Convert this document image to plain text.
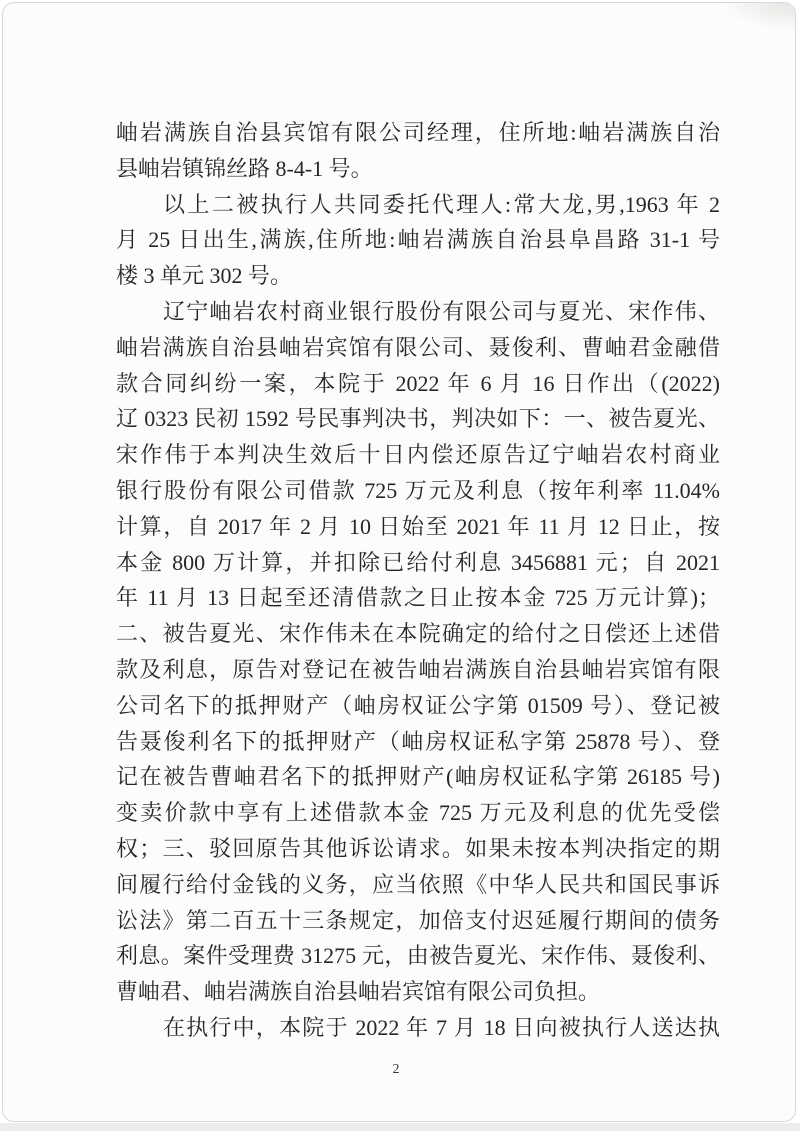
岫岩满族自治县宾馆有限公司经理，住所地:岫岩满族自治
县岫岩镇锦丝路 8-4-1 号。
以上二被执行人共同委托代理人:常大龙,男,1963 年 2
月 25 日出生,满族,住所地:岫岩满族自治县阜昌路 31-1 号
楼 3 单元 302 号。
辽宁岫岩农村商业银行股份有限公司与夏光、宋作伟、
岫岩满族自治县岫岩宾馆有限公司、聂俊利、曹岫君金融借
款合同纠纷一案，本院于 2022 年 6 月 16 日作出（(2022)
辽 0323 民初 1592 号民事判决书，判决如下：一、被告夏光、
宋作伟于本判决生效后十日内偿还原告辽宁岫岩农村商业
银行股份有限公司借款 725 万元及利息（按年利率 11.04%
计算，自 2017 年 2 月 10 日始至 2021 年 11 月 12 日止，按
本金 800 万计算，并扣除已给付利息 3456881 元；自 2021
年 11 月 13 日起至还清借款之日止按本金 725 万元计算)；
二、被告夏光、宋作伟未在本院确定的给付之日偿还上述借
款及利息，原告对登记在被告岫岩满族自治县岫岩宾馆有限
公司名下的抵押财产（岫房权证公字第 01509 号）、登记被
告聂俊利名下的抵押财产（岫房权证私字第 25878 号）、登
记在被告曹岫君名下的抵押财产(岫房权证私字第 26185 号)
变卖价款中享有上述借款本金 725 万元及利息的优先受偿
权；三、驳回原告其他诉讼请求。如果未按本判决指定的期
间履行给付金钱的义务，应当依照《中华人民共和国民事诉
讼法》第二百五十三条规定，加倍支付迟延履行期间的债务
利息。案件受理费 31275 元，由被告夏光、宋作伟、聂俊利、
曹岫君、岫岩满族自治县岫岩宾馆有限公司负担。
在执行中，本院于 2022 年 7 月 18 日向被执行人送达执
2
